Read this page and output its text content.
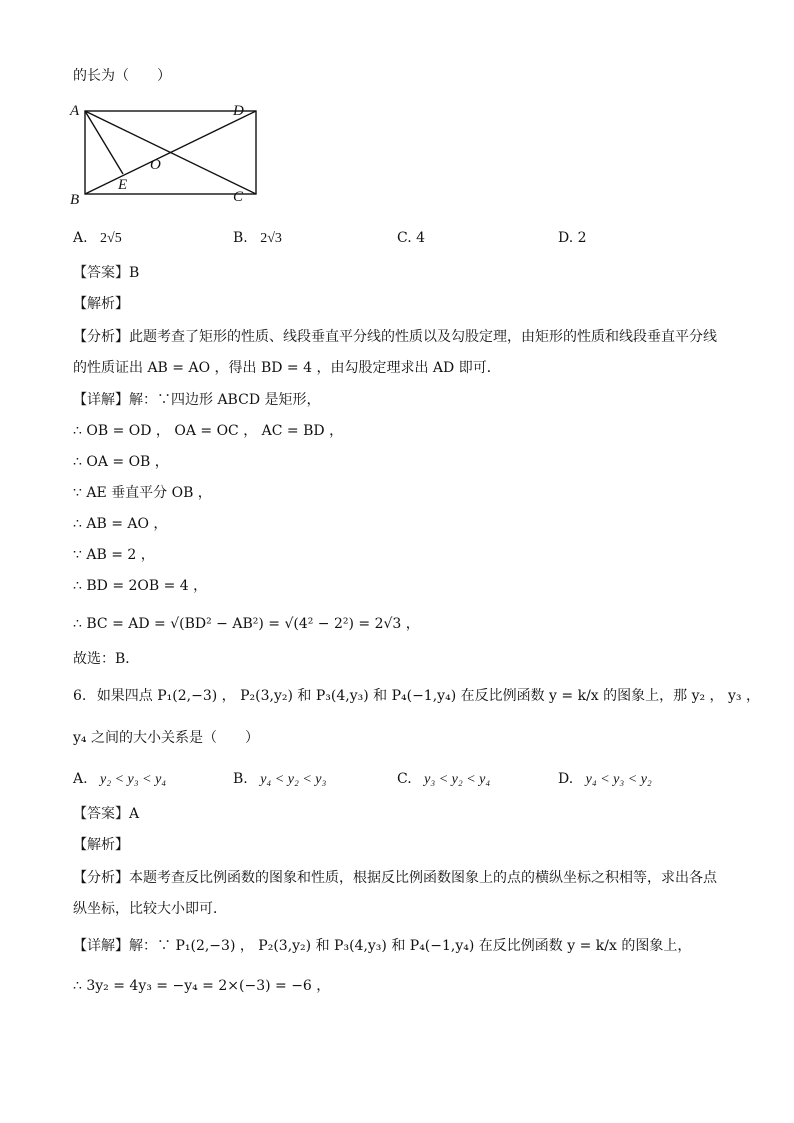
的长为（　　）
A	D
B	C
O
E
A. 2√5	B. 2√3	C. 4	D. 2
【答案】B
【解析】
【分析】此题考查了矩形的性质、线段垂直平分线的性质以及勾股定理，由矩形的性质和线段垂直平分线
的性质证出 AB = AO ，得出 BD = 4 ，由勾股定理求出 AD 即可．
【详解】解：∵四边形 ABCD 是矩形，
∴ OB = OD ， OA = OC ， AC = BD ，
∴ OA = OB ，
∵ AE 垂直平分 OB ，
∴ AB = AO ，
∵ AB = 2 ，
∴ BD = 2OB = 4 ，
∴ BC = AD = √(BD² − AB²) = √(4² − 2²) = 2√3 ，
故选：B．
6. 如果四点 P₁(2,−3) ， P₂(3,y₂) 和 P₃(4,y₃) 和 P₄(−1,y₄) 在反比例函数 y = k/x 的图象上，那 y₂ ， y₃ ，
y₄ 之间的大小关系是（　　）
A. y₂ < y₃ < y₄	B. y₄ < y₂ < y₃	C. y₃ < y₂ < y₄	D. y₄ < y₃ < y₂
【答案】A
【解析】
【分析】本题考查反比例函数的图象和性质，根据反比例函数图象上的点的横纵坐标之积相等，求出各点
纵坐标，比较大小即可．
【详解】解：∵ P₁(2,−3) ， P₂(3,y₂) 和 P₃(4,y₃) 和 P₄(−1,y₄) 在反比例函数 y = k/x 的图象上，
∴ 3y₂ = 4y₃ = −y₄ = 2×(−3) = −6 ，
